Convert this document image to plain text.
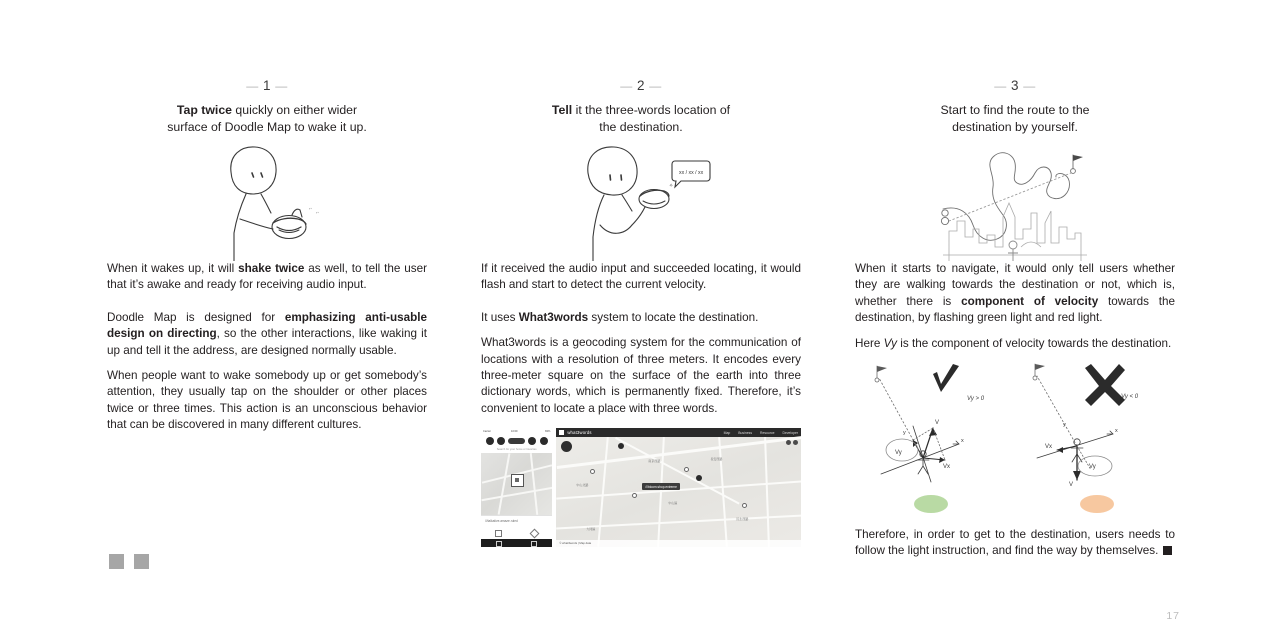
— 1 —
Tap twice quickly on either wider
surface of Doodle Map to wake it up.
,,
,,

When it wakes up, it will shake twice as well, to tell the user that it’s awake and ready for receiving audio input.

Doodle Map is designed for emphasizing anti-usable design on directing, so the other interactions, like waking it up and tell it the address, are designed normally usable.

When people want to wake somebody up or get somebody’s attention, they usually tap on the shoulder or other places twice or three times. This action is an unconscious behavior that can be discovered in many different cultures.

— 2 —
Tell it the three-words location of
the destination.
xx / xx / xx
✧

If it received the audio input and succeeded locating, it would flash and start to detect the current velocity.

It uses What3words system to locate the destination.

What3words is a geocoding system for the communication of locations with a resolution of three meters. It encodes every three-meter square on the surface of the earth into three dictionary words, which is permanently fixed. Therefore, it’s convenient to locate a place with three words.

Carrier	10:09	82%
Search for your home or favorites
///talkative.amaze.ruled
what3words	Map Business Resource Developer
中山北路
南京西路	長安西路
民生西路
大同區
中山區
///bloom.shop.extreme
© what3words | Map data
— 3 —
Start to find the route to the
destination by yourself.

When it starts to navigate, it would only tell users whether they are walking towards the destination or not, which is, whether there is component of velocity towards the destination, by flashing green light and red light.

Here Vy is the component of velocity towards the destination.

Vy > 0
x
y
V
Vy
Vx
Vy < 0
x
y
V
Vy
Vx

Therefore, in order to get to the destination, users needs to follow the light instruction, and find the way by themselves.

17
